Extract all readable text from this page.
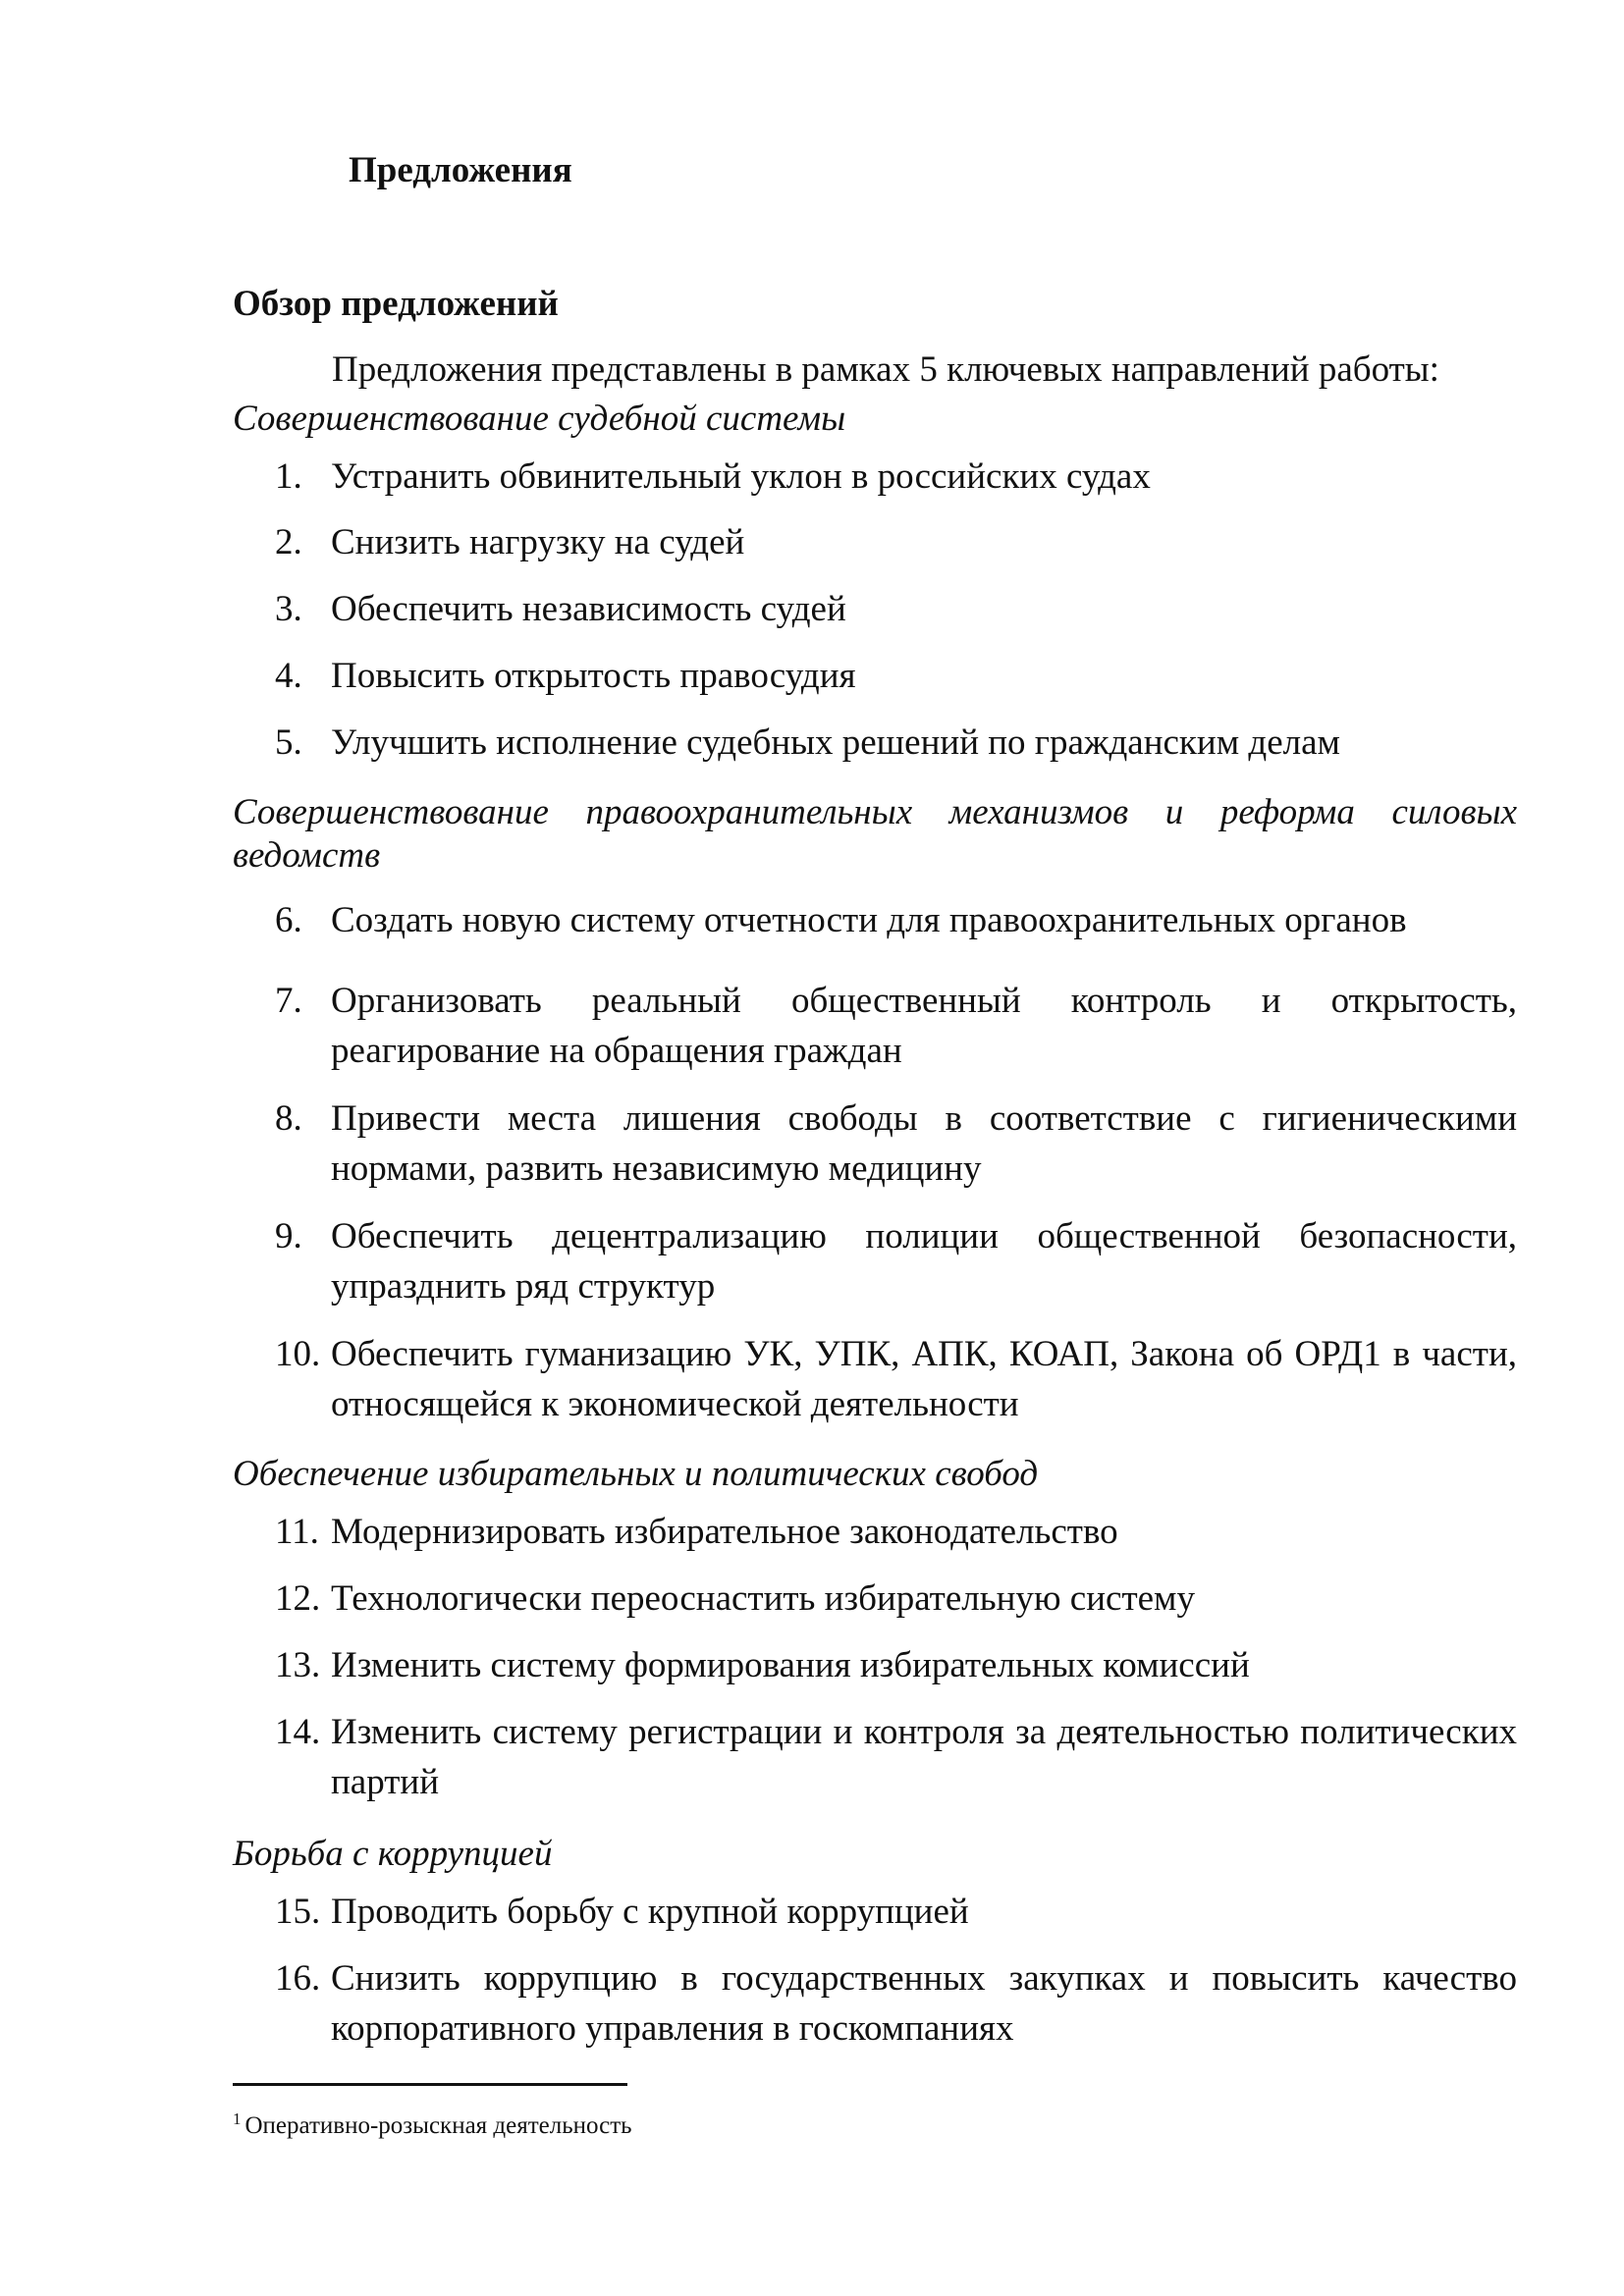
Предложения
Обзор предложений

Предложения представлены в рамках 5 ключевых направлений работы:

Совершенствование судебной системы

1. Устранить обвинительный уклон в российских судах
2. Снизить нагрузку на судей
3. Обеспечить независимость судей
4. Повысить открытость правосудия
5. Улучшить исполнение судебных решений по гражданским делам

Совершенствование правоохранительных механизмов и реформа силовых ведомств

6. Создать новую систему отчетности для правоохранительных органов
7. Организовать реальный общественный контроль и открытость, реагирование на обращения граждан
8. Привести места лишения свободы в соответствие с гигиеническими нормами, развить независимую медицину
9. Обеспечить децентрализацию полиции общественной безопасности, упразднить ряд структур
10. Обеспечить гуманизацию УК, УПК, АПК, КОАП, Закона об ОРД1 в части, относящейся к экономической деятельности

Обеспечение избирательных и политических свобод

11. Модернизировать избирательное законодательство
12. Технологически переоснастить избирательную систему
13. Изменить систему формирования избирательных комиссий
14. Изменить систему регистрации и контроля за деятельностью политических партий

Борьба с коррупцией

15. Проводить борьбу с крупной коррупцией
16. Снизить коррупцию в государственных закупках и повысить качество корпоративного управления в госкомпаниях

$^1$ Оперативно-розыскная деятельность
